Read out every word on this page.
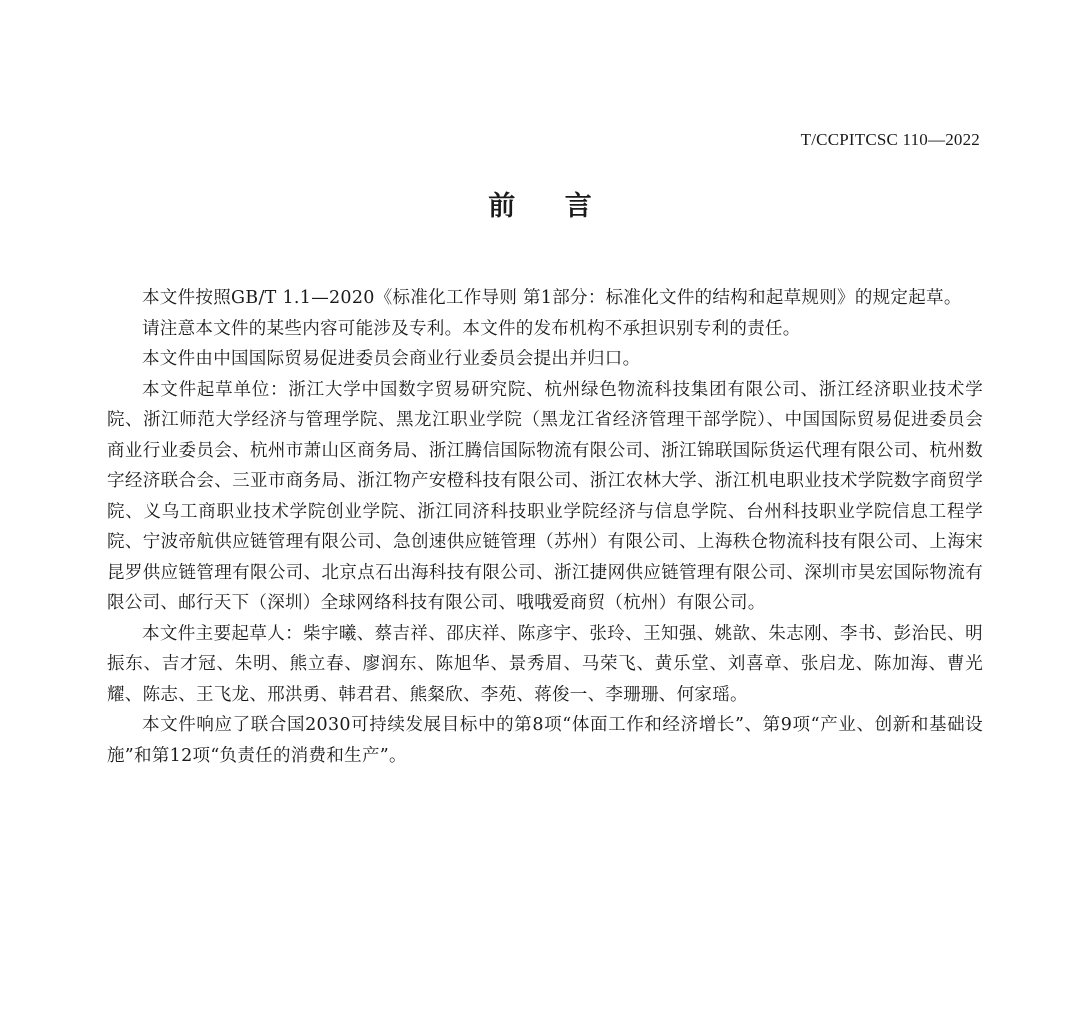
T/CCPITCSC 110—2022
前 言

本文件按照GB/T 1.1—2020《标准化工作导则 第1部分：标准化文件的结构和起草规则》的规定起草。

请注意本文件的某些内容可能涉及专利。本文件的发布机构不承担识别专利的责任。

本文件由中国国际贸易促进委员会商业行业委员会提出并归口。

本文件起草单位：浙江大学中国数字贸易研究院、杭州绿色物流科技集团有限公司、浙江经济职业技术学院、浙江师范大学经济与管理学院、黑龙江职业学院（黑龙江省经济管理干部学院）、中国国际贸易促进委员会商业行业委员会、杭州市萧山区商务局、浙江腾信国际物流有限公司、浙江锦联国际货运代理有限公司、杭州数字经济联合会、三亚市商务局、浙江物产安橙科技有限公司、浙江农林大学、浙江机电职业技术学院数字商贸学院、义乌工商职业技术学院创业学院、浙江同济科技职业学院经济与信息学院、台州科技职业学院信息工程学院、宁波帝航供应链管理有限公司、急创速供应链管理（苏州）有限公司、上海秩仓物流科技有限公司、上海宋昆罗供应链管理有限公司、北京点石出海科技有限公司、浙江捷网供应链管理有限公司、深圳市昊宏国际物流有限公司、邮行天下（深圳）全球网络科技有限公司、哦哦爱商贸（杭州）有限公司。

本文件主要起草人：柴宇曦、蔡吉祥、邵庆祥、陈彦宇、张玲、王知强、姚歆、朱志刚、李书、彭治民、明振东、吉才冠、朱明、熊立春、廖润东、陈旭华、景秀眉、马荣飞、黄乐堂、刘喜章、张启龙、陈加海、曹光耀、陈志、王飞龙、邢洪勇、韩君君、熊粲欣、李苑、蒋俊一、李珊珊、何家瑶。

本文件响应了联合国2030可持续发展目标中的第8项“体面工作和经济增长”、第9项“产业、创新和基础设施”和第12项“负责任的消费和生产”。
